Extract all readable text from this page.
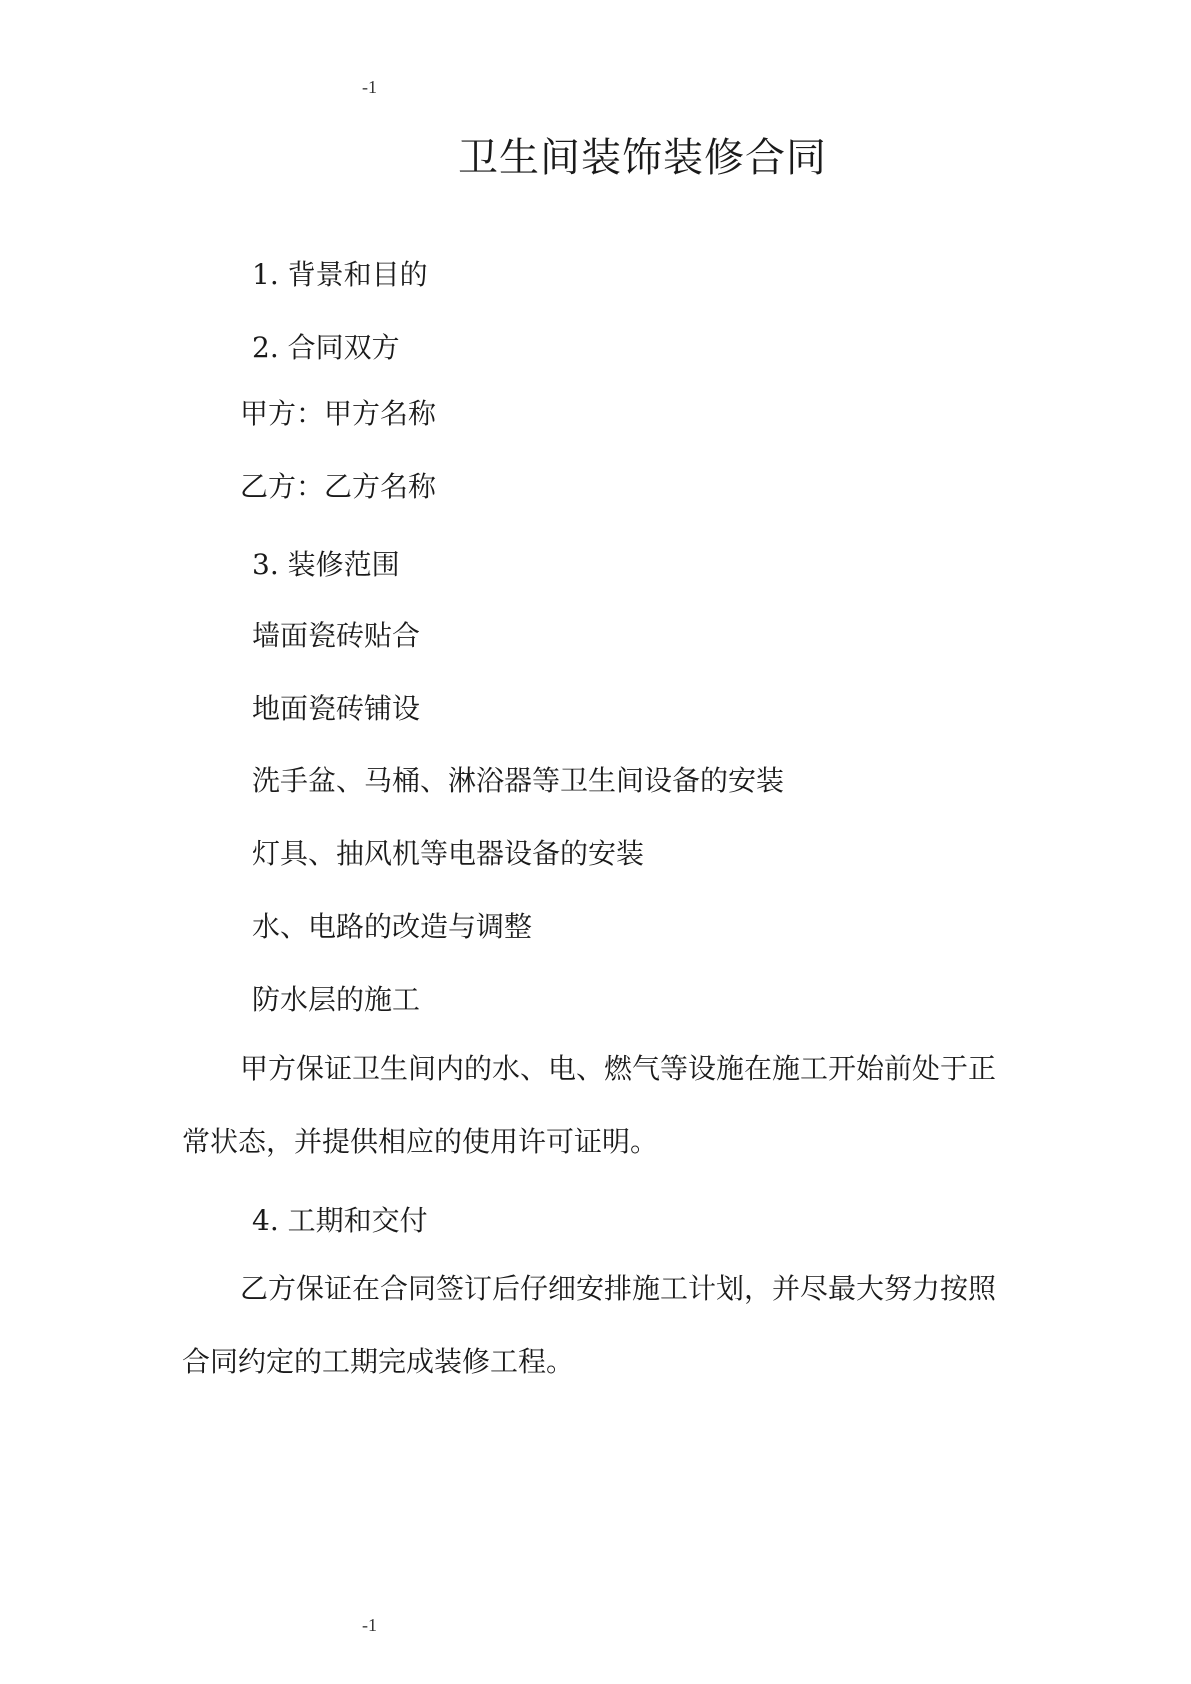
-1
卫生间装饰装修合同
1. 背景和目的
2. 合同双方
甲方：甲方名称
乙方：乙方名称
3. 装修范围
墙面瓷砖贴合
地面瓷砖铺设
洗手盆、马桶、淋浴器等卫生间设备的安装
灯具、抽风机等电器设备的安装
水、电路的改造与调整
防水层的施工
甲方保证卫生间内的水、电、燃气等设施在施工开始前处于正
常状态，并提供相应的使用许可证明。
4. 工期和交付
乙方保证在合同签订后仔细安排施工计划，并尽最大努力按照
合同约定的工期完成装修工程。
-1
